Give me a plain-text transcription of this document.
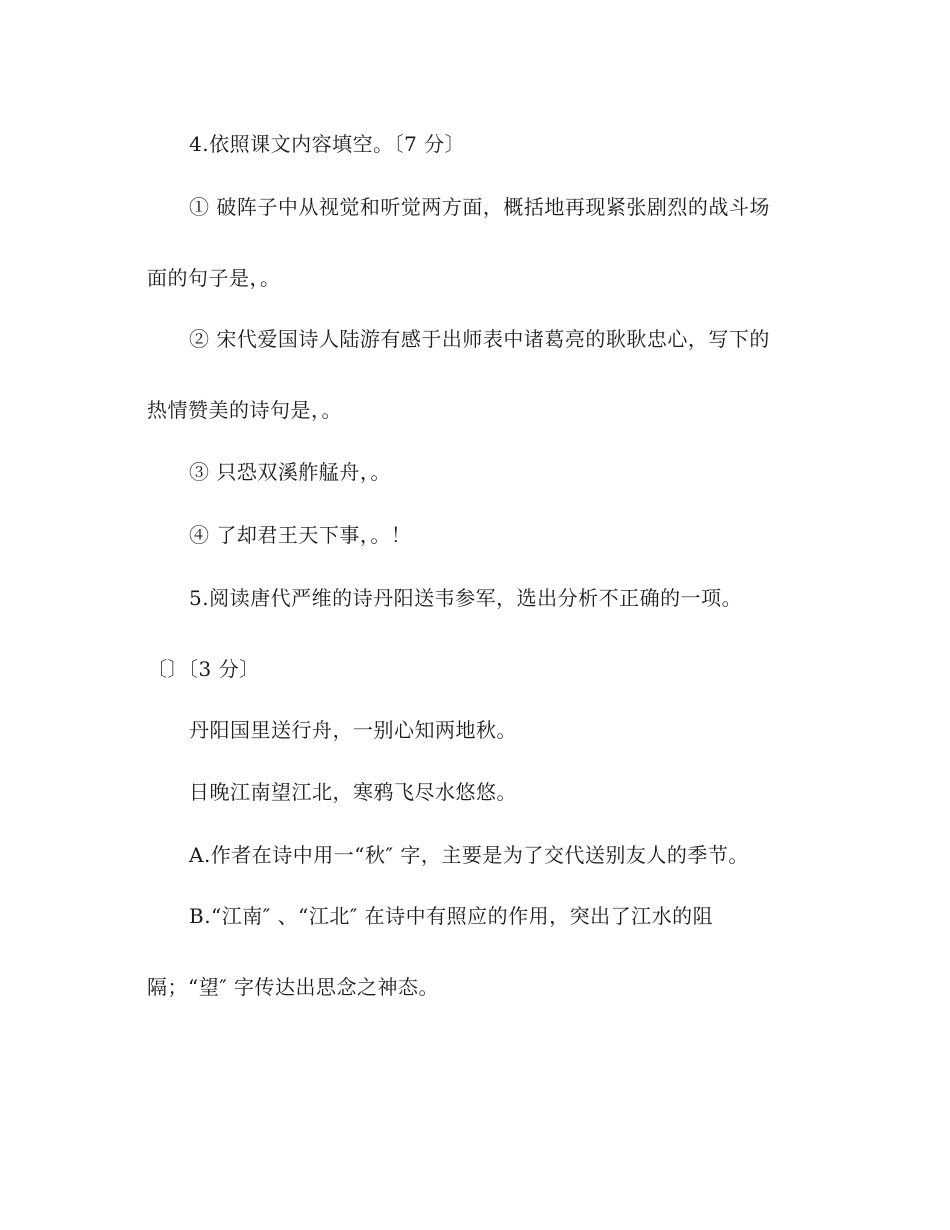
4.依照课文内容填空。〔7 分〕
① 破阵子中从视觉和听觉两方面，概括地再现紧张剧烈的战斗场
面的句子是，。
② 宋代爱国诗人陆游有感于出师表中诸葛亮的耿耿忠心，写下的
热情赞美的诗句是，。
③ 只恐双溪舴艋舟，。
④ 了却君王天下事，。！
5.阅读唐代严维的诗丹阳送韦参军，选出分析不正确的一项。
〔〕〔3 分〕
丹阳国里送行舟，一别心知两地秋。
日晚江南望江北，寒鸦飞尽水悠悠。
A.作者在诗中用一“秋″ 字，主要是为了交代送别友人的季节。
B.“江南″ 、“江北″ 在诗中有照应的作用，突出了江水的阻
隔；“望″ 字传达出思念之神态。
